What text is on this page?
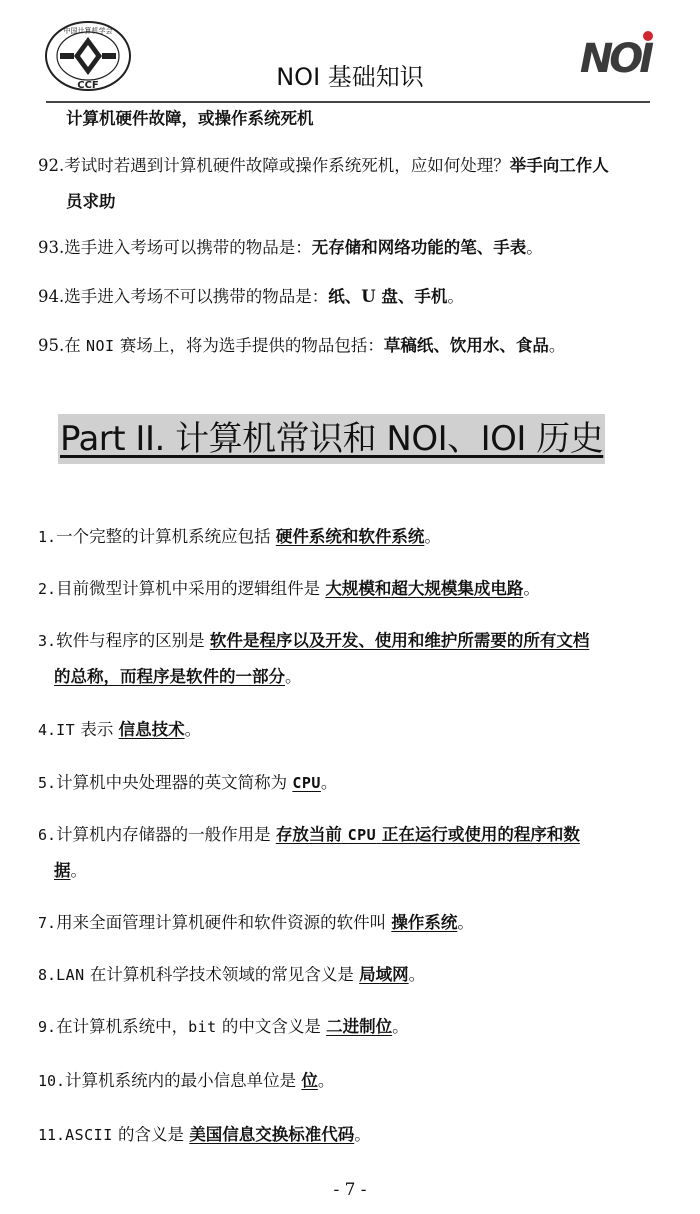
中国计算机学会
CCF	NOI 基础知识	NOI
计算机硬件故障，或操作系统死机
92.考试时若遇到计算机硬件故障或操作系统死机，应如何处理？举手向工作人
员求助
93.选手进入考场可以携带的物品是：无存储和网络功能的笔、手表。
94.选手进入考场不可以携带的物品是：纸、U 盘、手机。
95.在 NOI 赛场上，将为选手提供的物品包括：草稿纸、饮用水、食品。
Part II. 计算机常识和 NOI、IOI 历史
1.一个完整的计算机系统应包括 硬件系统和软件系统。
2.目前微型计算机中采用的逻辑组件是 大规模和超大规模集成电路。
3.软件与程序的区别是 软件是程序以及开发、使用和维护所需要的所有文档
的总称，而程序是软件的一部分。
4.IT 表示 信息技术。
5.计算机中央处理器的英文简称为 CPU。
6.计算机内存储器的一般作用是 存放当前 CPU 正在运行或使用的程序和数
据。
7.用来全面管理计算机硬件和软件资源的软件叫 操作系统。
8.LAN 在计算机科学技术领域的常见含义是 局域网。
9.在计算机系统中，bit 的中文含义是 二进制位。
10.计算机系统内的最小信息单位是 位。
11.ASCII 的含义是 美国信息交换标准代码。
- 7 -
